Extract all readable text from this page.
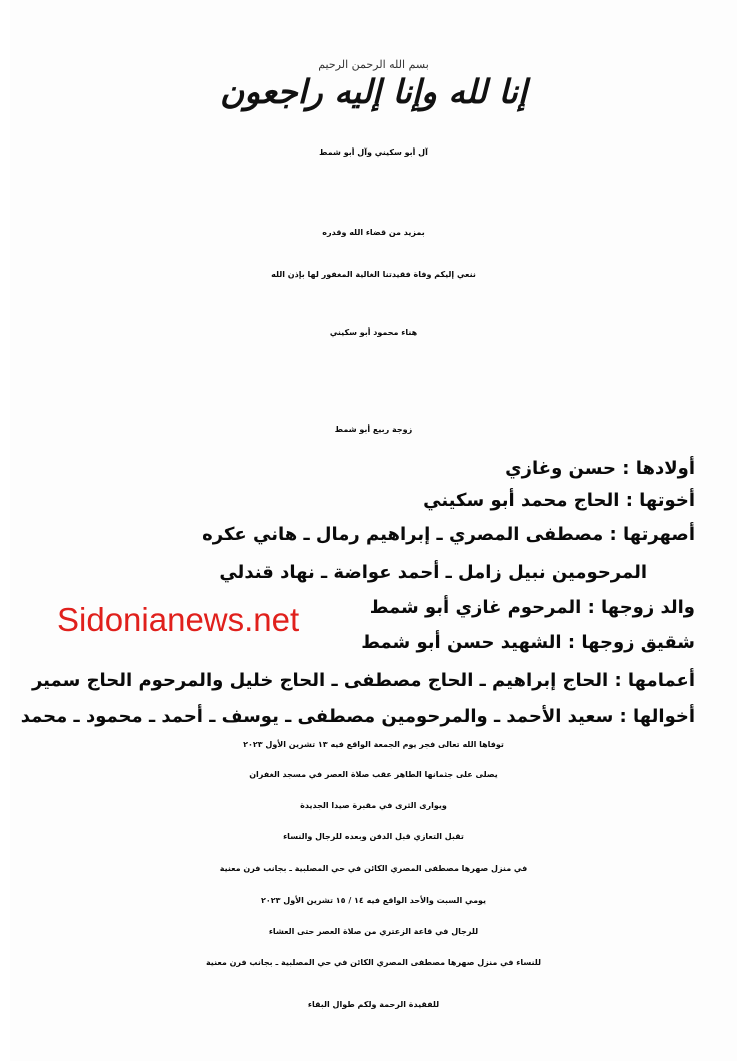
بسم الله الرحمن الرحيم
إنا لله وإنا إليه راجعون
آل أبو سكيني وآل أبو شمط
بمزيد من قضاء الله وقدره
ننعي إليكم وفاة فقيدتنا الغالية المغفور لها بإذن الله
هناء محمود أبو سكيني
زوجة ربيع أبو شمط
أولادها : حسن وغازي
أخوتها : الحاج محمد أبو سكيني
أصهرتها : مصطفى المصري ـ إبراهيم رمال ـ هاني عكره
المرحومين نبيل زامل ـ أحمد عواضة ـ نهاد قندلي
والد زوجها : المرحوم غازي أبو شمط
شقيق زوجها : الشهيد حسن أبو شمط
أعمامها : الحاج إبراهيم ـ الحاج مصطفى ـ الحاج خليل والمرحوم الحاج سمير
أخوالها : سعيد الأحمد ـ والمرحومين مصطفى ـ يوسف ـ أحمد ـ محمود ـ محمد
Sidonianews.net
توفاها الله تعالى فجر يوم الجمعة الواقع فيه ١٣ تشرين الأول ٢٠٢٣
يصلى على جثمانها الطاهر عقب صلاة العصر في مسجد الغفران
ويوارى الثرى في مقبرة صيدا الجديدة
تقبل التعازي قبل الدفن وبعده للرجال والنساء
في منزل صهرها مصطفى المصري الكائن في حي المصلبية ـ بجانب فرن معنية
يومي السبت والأحد الواقع فيه ١٤ / ١٥ تشرين الأول ٢٠٢٣
للرجال في قاعة الزعتري من صلاة العصر حتى العشاء
للنساء في منزل صهرها مصطفى المصري الكائن في حي المصلبية ـ بجانب فرن معنية
للفقيدة الرحمة ولكم طوال البقاء
